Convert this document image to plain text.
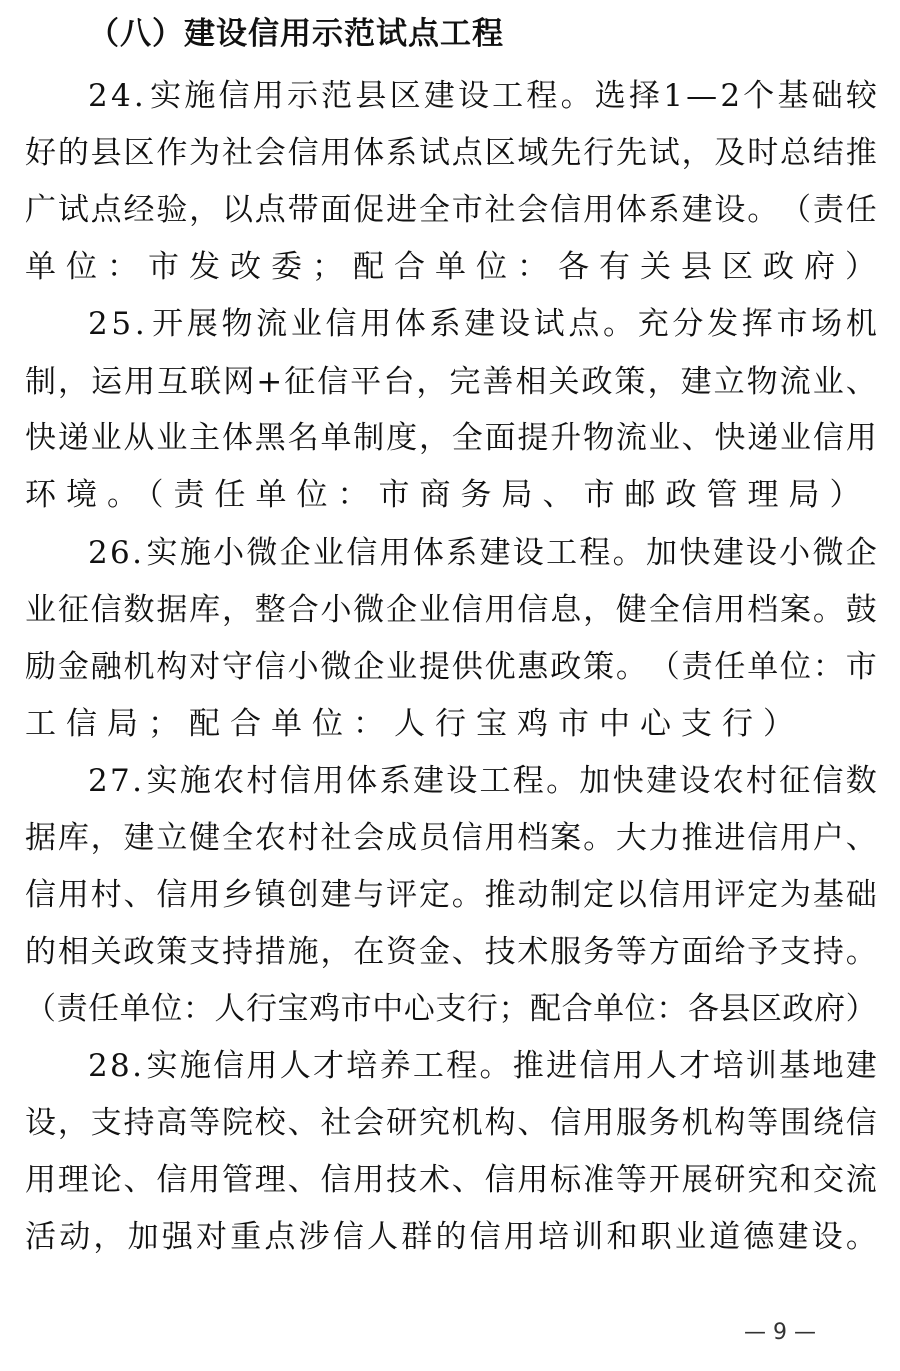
（八）建设信用示范试点工程
2 4 . 实 施 信 用 示 范 县 区 建 设 工 程 。 选 择 1 — 2 个 基 础 较
好 的 县 区 作 为 社 会 信 用 体 系 试 点 区 域 先 行 先 试 ， 及 时 总 结 推
广 试 点 经 验 ， 以 点 带 面 促 进 全 市 社 会 信 用 体 系 建 设 。 （ 责 任
单位：市发改委；配合单位：各有关县区政府）
2 5 . 开 展 物 流 业 信 用 体 系 建 设 试 点 。 充 分 发 挥 市 场 机
制 ， 运 用 互 联 网 + 征 信 平 台 ， 完 善 相 关 政 策 ， 建 立 物 流 业 、
快 递 业 从 业 主 体 黑 名 单 制 度 ， 全 面 提 升 物 流 业 、 快 递 业 信 用
环境。（责任单位：市商务局、市邮政管理局）
2 6 . 实 施 小 微 企 业 信 用 体 系 建 设 工 程 。 加 快 建 设 小 微 企
业 征 信 数 据 库 ， 整 合 小 微 企 业 信 用 信 息 ， 健 全 信 用 档 案 。 鼓
励 金 融 机 构 对 守 信 小 微 企 业 提 供 优 惠 政 策 。 （ 责 任 单 位 ： 市
工信局；配合单位：人行宝鸡市中心支行）
2 7 . 实 施 农 村 信 用 体 系 建 设 工 程 。 加 快 建 设 农 村 征 信 数
据 库 ， 建 立 健 全 农 村 社 会 成 员 信 用 档 案 。 大 力 推 进 信 用 户 、
信 用 村 、 信 用 乡 镇 创 建 与 评 定 。 推 动 制 定 以 信 用 评 定 为 基 础
的 相 关 政 策 支 持 措 施 ， 在 资 金 、 技 术 服 务 等 方 面 给 予 支 持 。
（ 责 任 单 位 ： 人 行 宝 鸡 市 中 心 支 行 ； 配 合 单 位 ： 各 县 区 政 府 ）
2 8 . 实 施 信 用 人 才 培 养 工 程 。 推 进 信 用 人 才 培 训 基 地 建
设 ， 支 持 高 等 院 校 、 社 会 研 究 机 构 、 信 用 服 务 机 构 等 围 绕 信
用 理 论 、 信 用 管 理 、 信 用 技 术 、 信 用 标 准 等 开 展 研 究 和 交 流
活 动 ， 加 强 对 重 点 涉 信 人 群 的 信 用 培 训 和 职 业 道 德 建 设 。
— 9 —
